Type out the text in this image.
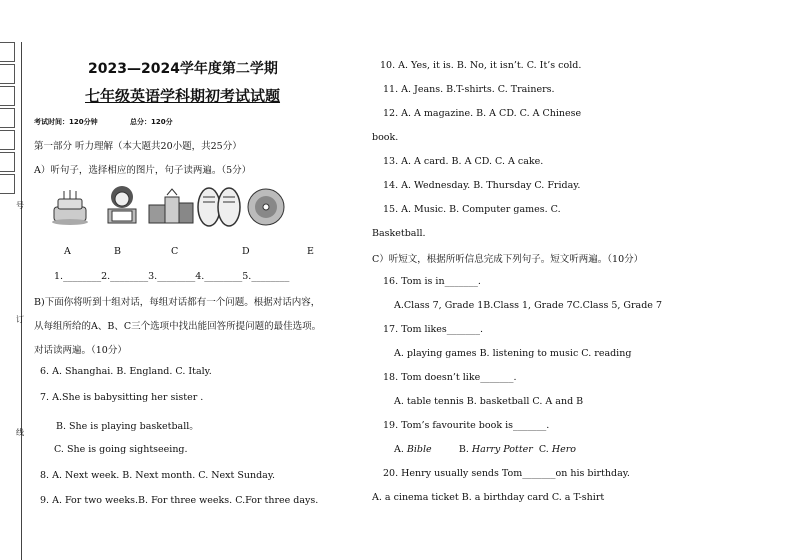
号
订
线
2023—2024学年度第二学期
七年级英语学科期初考试试题
考试时间：120分钟	总分：120分
第一部分 听力理解（本大题共20小题，共25分）
A）听句子，选择相应的图片，句子读两遍。（5分）
A	B	C	D	E
1.________2.________3.________4.________5.________
B)下面你将听到十组对话，每组对话都有一个问题。根据对话内容，
从每组所给的A、B、C三个选项中找出能回答所提问题的最佳选项。
对话读两遍。（10分）
6. A. Shanghai. B. England. C. Italy.
7. A.She is babysitting her sister .
B. She is playing basketball。
C. She is going sightseeing.
8. A. Next week. B. Next month. C. Next Sunday.
9. A. For two weeks.B. For three weeks. C.For three days.
10. A. Yes, it is. B. No, it isn’t. C. It’s cold.
11. A. Jeans. B.T-shirts. C. Trainers.
12. A. A magazine. B. A CD. C. A Chinese
book.
13. A. A card. B. A CD. C. A cake.
14. A. Wednesday. B. Thursday C. Friday.
15. A. Music. B. Computer games. C.
Basketball.
C）听短文，根据所听信息完成下列句子。短文听两遍。（10分）
16. Tom is in_______.
A.Class 7, Grade 1B.Class 1, Grade 7C.Class 5, Grade 7
17. Tom likes_______.
A. playing games B. listening to music C. reading
18. Tom doesn’t like_______.
A. table tennis B. basketball C. A and B
19. Tom’s favourite book is_______.
A. Bible         B. Harry Potter  C. Hero
20. Henry usually sends Tom_______on his birthday.
A. a cinema ticket B. a birthday card C. a T-shirt
